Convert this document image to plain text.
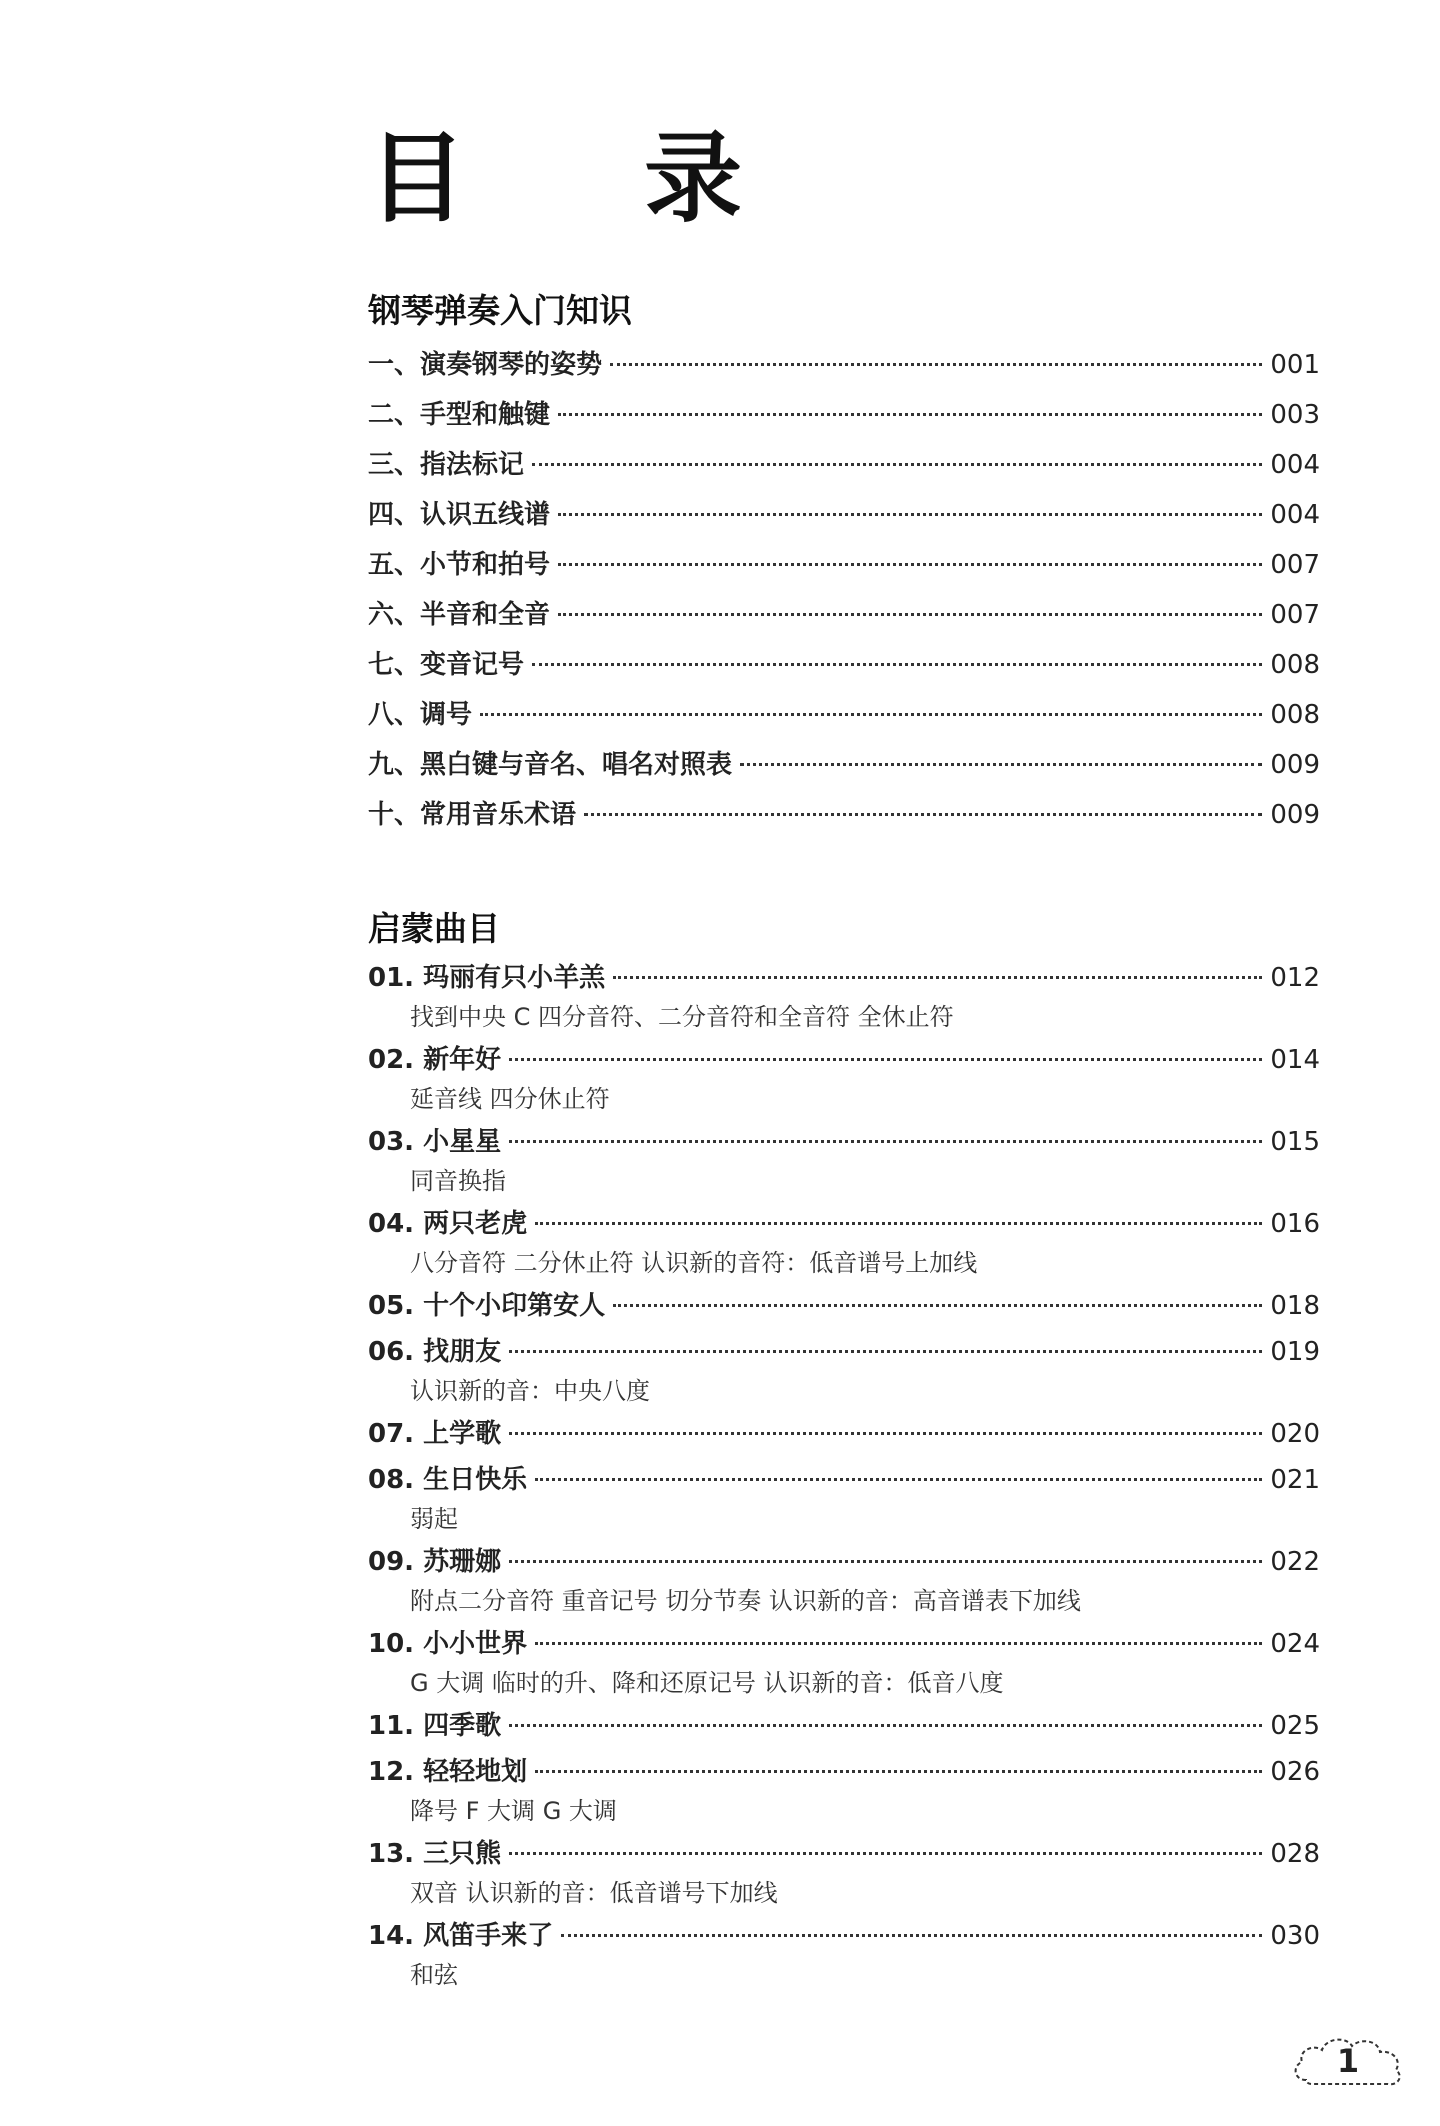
目 录
钢琴弹奏入门知识
一、演奏钢琴的姿势	001
二、手型和触键	003
三、指法标记	004
四、认识五线谱	004
五、小节和拍号	007
六、半音和全音	007
七、变音记号	008
八、调号	008
九、黑白键与音名、唱名对照表	009
十、常用音乐术语	009
启蒙曲目
01. 玛丽有只小羊羔	012
找到中央 C 四分音符、二分音符和全音符 全休止符
02. 新年好	014
延音线 四分休止符
03. 小星星	015
同音换指
04. 两只老虎	016
八分音符 二分休止符 认识新的音符：低音谱号上加线
05. 十个小印第安人	018
06. 找朋友	019
认识新的音：中央八度
07. 上学歌	020
08. 生日快乐	021
弱起
09. 苏珊娜	022
附点二分音符 重音记号 切分节奏 认识新的音：高音谱表下加线
10. 小小世界	024
G 大调 临时的升、降和还原记号 认识新的音：低音八度
11. 四季歌	025
12. 轻轻地划	026
降号 F 大调 G 大调
13. 三只熊	028
双音 认识新的音：低音谱号下加线
14. 风笛手来了	030
和弦
1
